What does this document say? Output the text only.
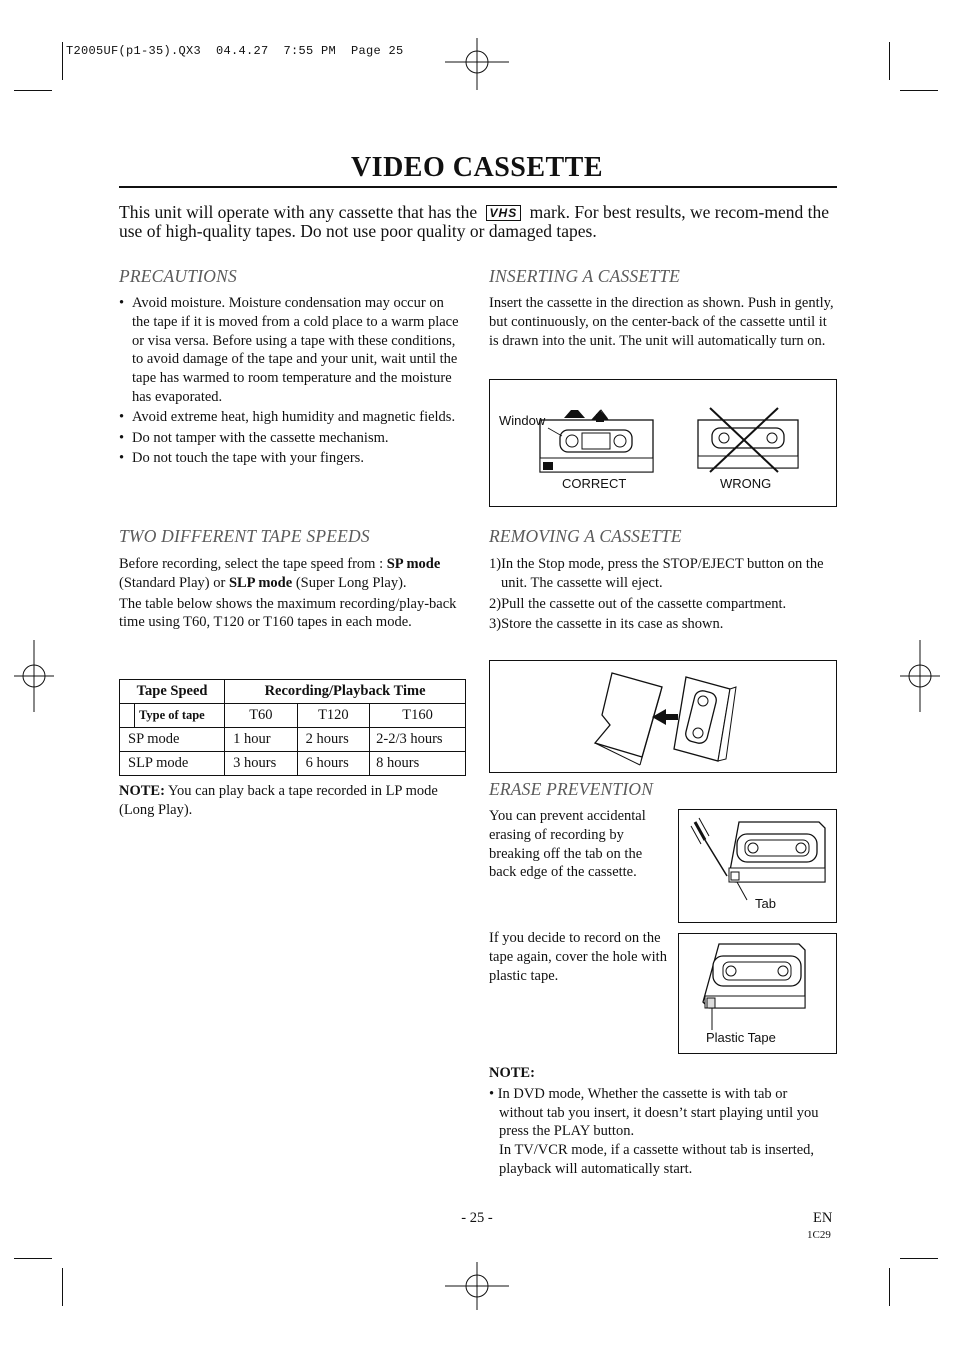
T2005UF(p1-35).QX3  04.4.27  7:55 PM  Page 25
VIDEO CASSETTE
This unit will operate with any cassette that has the VHS mark. For best results, we recom-mend the use of high-quality tapes. Do not use poor quality or damaged tapes.
PRECAUTIONS
• Avoid moisture. Moisture condensation may occur on the tape if it is moved from a cold place to a warm place or visa versa. Before using a tape with these conditions, to avoid damage of the tape and your unit, wait until the tape has warmed to room temperature and the moisture has evaporated.
• Avoid extreme heat, high humidity and magnetic fields.
• Do not tamper with the cassette mechanism.
• Do not touch the tape with your fingers.
TWO DIFFERENT TAPE SPEEDS

Before recording, select the tape speed from : SP mode (Standard Play) or SLP mode (Super Long Play).

The table below shows the maximum recording/play-back time using T60, T120 or T160 tapes in each mode.

Tape Speed		Recording/Playback Time		
	Type of tape	T60	T120	T160
SP mode		1 hour	2 hours	2-2/3 hours
SLP mode		3 hours	6 hours	8 hours
NOTE: You can play back a tape recorded in LP mode (Long Play).
INSERTING A CASSETTE
Insert the cassette in the direction as shown. Push in gently, but continuously, on the center-back of the cassette until it is drawn into the unit. The unit will automatically turn on.
Window
CORRECT	WRONG
REMOVING A CASSETTE
1)In the Stop mode, press the STOP/EJECT button on the unit. The cassette will eject.
2)Pull the cassette out of the cassette compartment.
3)Store the cassette in its case as shown.
ERASE PREVENTION
You can prevent accidental erasing of recording by breaking off the tab on the back edge of the cassette.
Tab
If you decide to record on the tape again, cover the hole with plastic tape.
Plastic Tape
NOTE:

• In DVD mode, Whether the cassette is with tab or without tab you insert, it doesn’t start playing until you press the PLAY button.

In TV/VCR mode, if a cassette without tab is inserted, playback will automatically start.

- 25 -	EN
1C29
